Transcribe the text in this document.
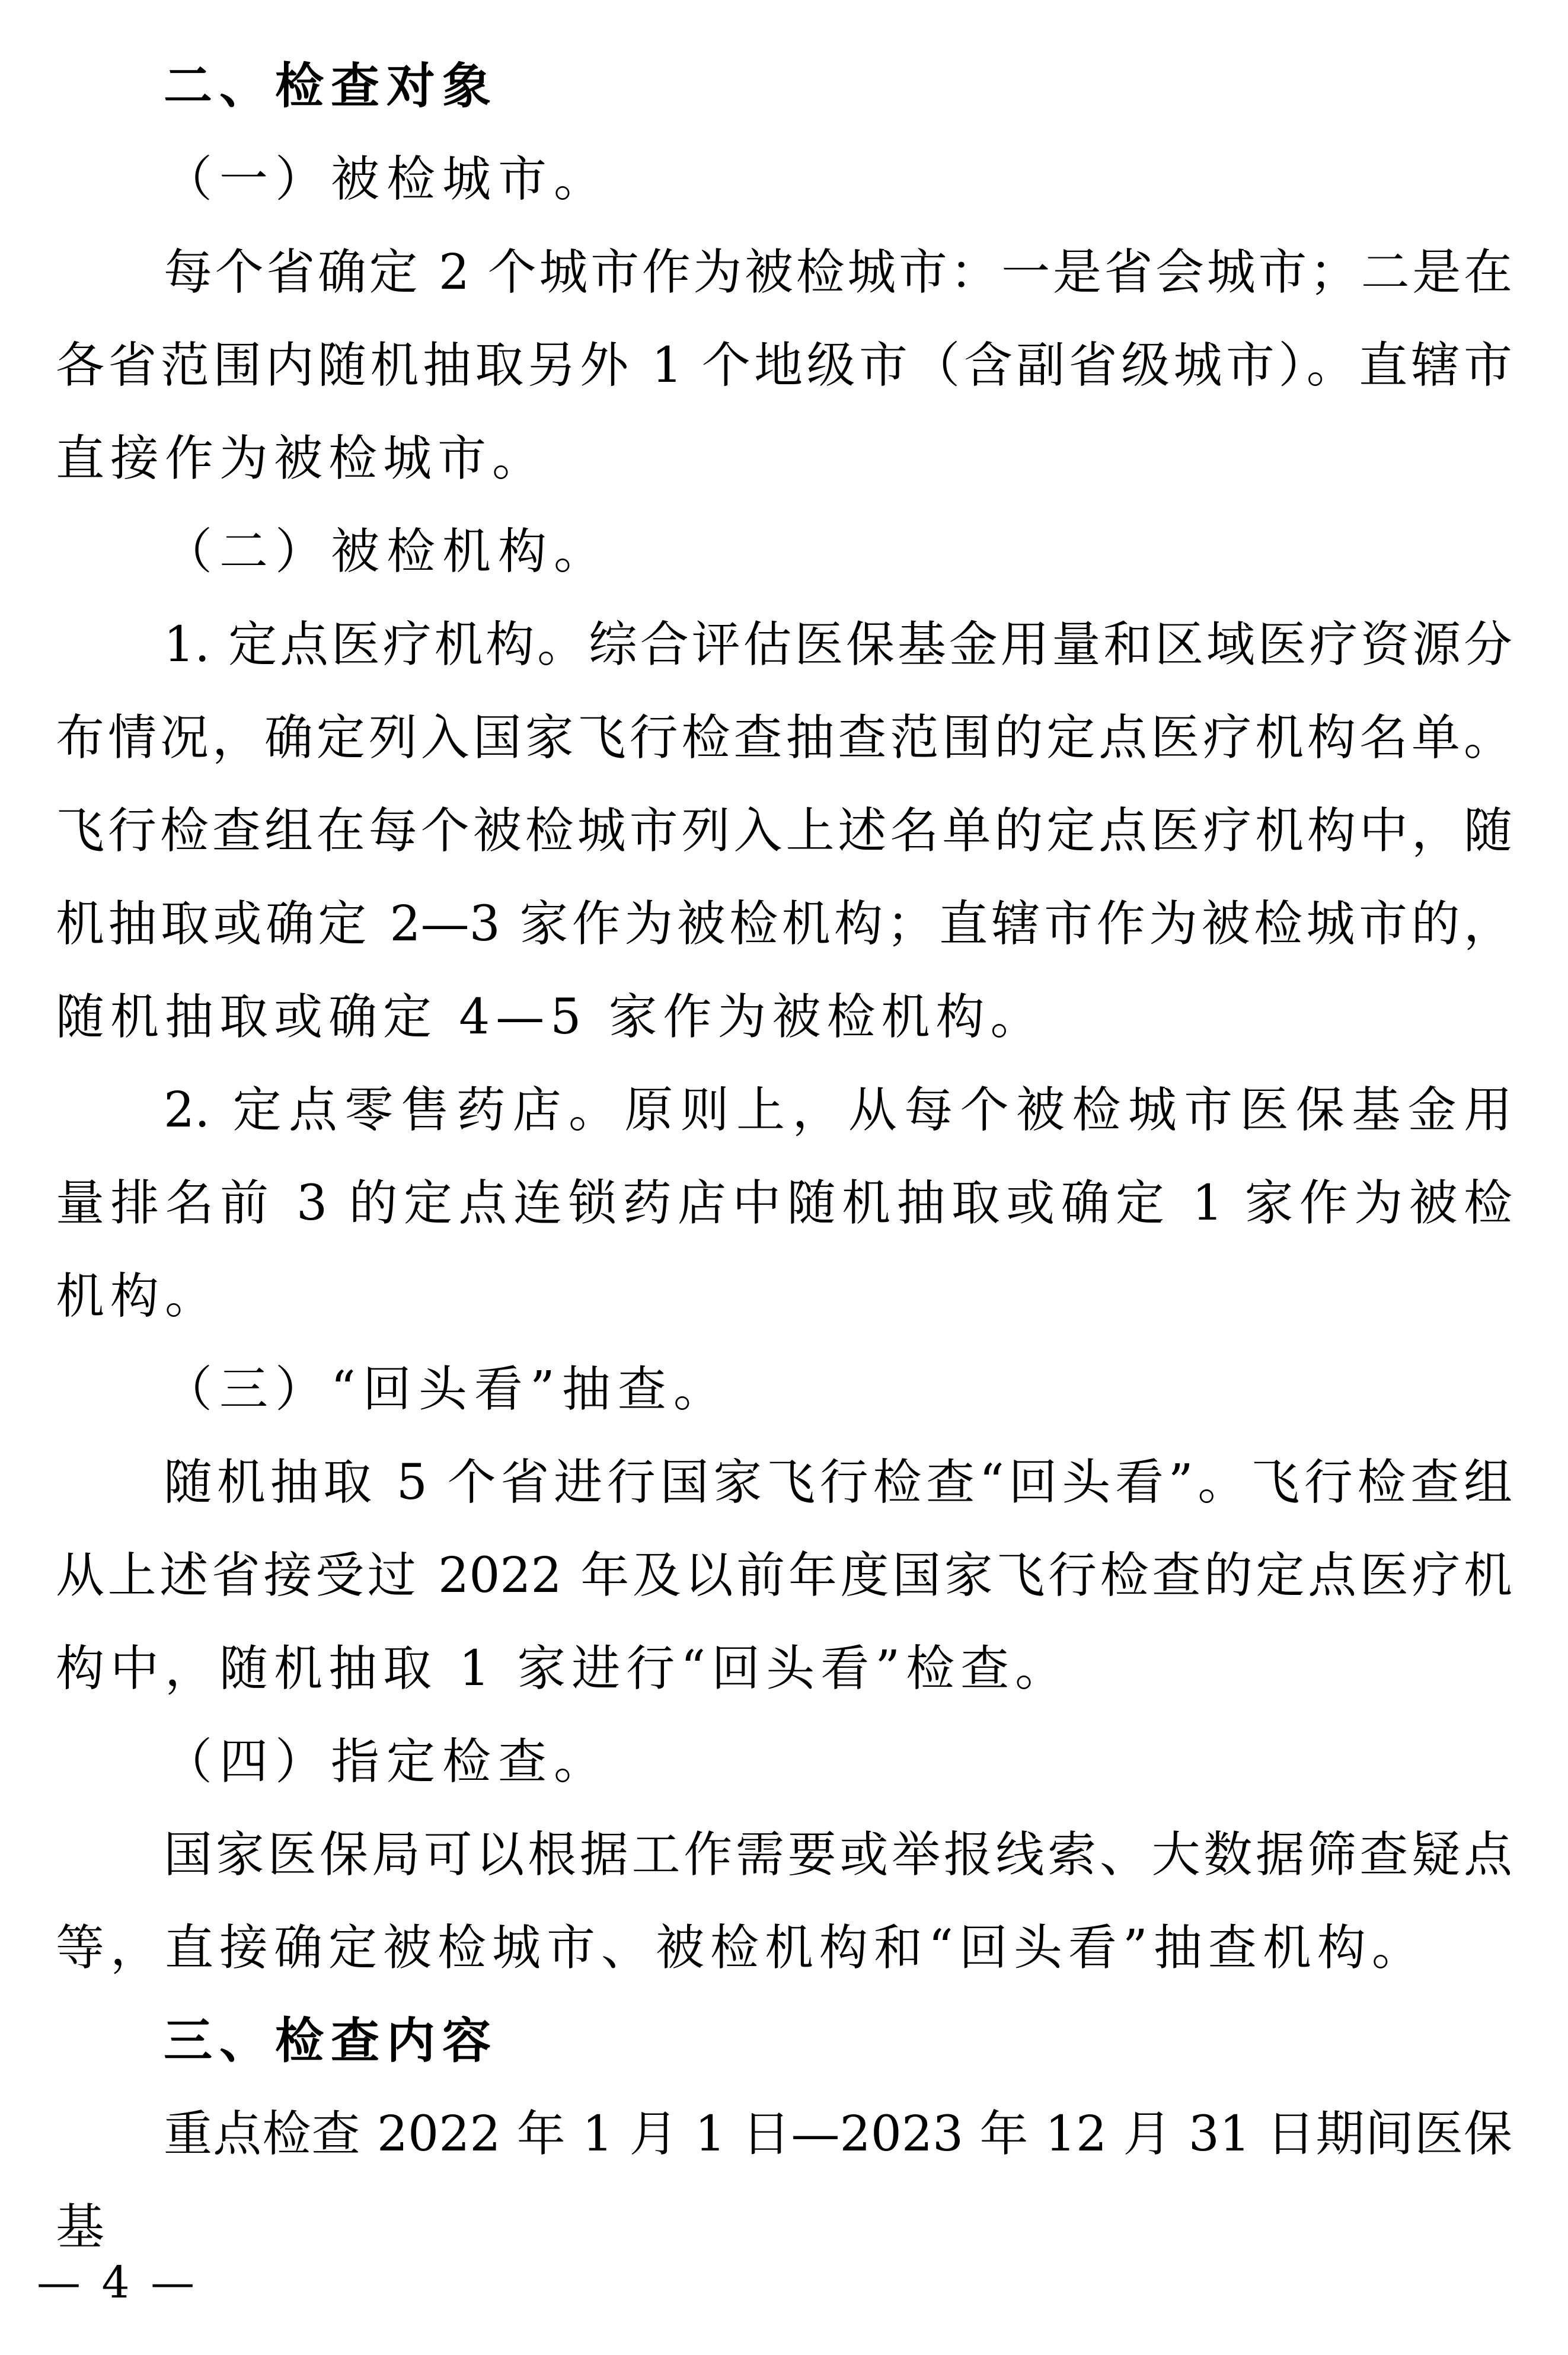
二、检查对象
（一）被检城市。
每个省确定 2 个城市作为被检城市：一是省会城市；二是在
各省范围内随机抽取另外 1 个地级市（含副省级城市）。直辖市
直接作为被检城市。
（二）被检机构。
1. 定点医疗机构。综合评估医保基金用量和区域医疗资源分
布情况，确定列入国家飞行检查抽查范围的定点医疗机构名单。
飞行检查组在每个被检城市列入上述名单的定点医疗机构中，随
机抽取或确定 2—3 家作为被检机构；直辖市作为被检城市的，
随机抽取或确定 4—5 家作为被检机构。
2. 定点零售药店。原则上，从每个被检城市医保基金用
量排名前 3 的定点连锁药店中随机抽取或确定 1 家作为被检
机构。
（三）“回头看”抽查。
随机抽取 5 个省进行国家飞行检查“回头看”。飞行检查组
从上述省接受过 2022 年及以前年度国家飞行检查的定点医疗机
构中，随机抽取 1 家进行“回头看”检查。
（四）指定检查。
国家医保局可以根据工作需要或举报线索、大数据筛查疑点
等，直接确定被检城市、被检机构和“回头看”抽查机构。
三、检查内容
重点检查 2022 年 1 月 1 日—2023 年 12 月 31 日期间医保基
— 4 —
